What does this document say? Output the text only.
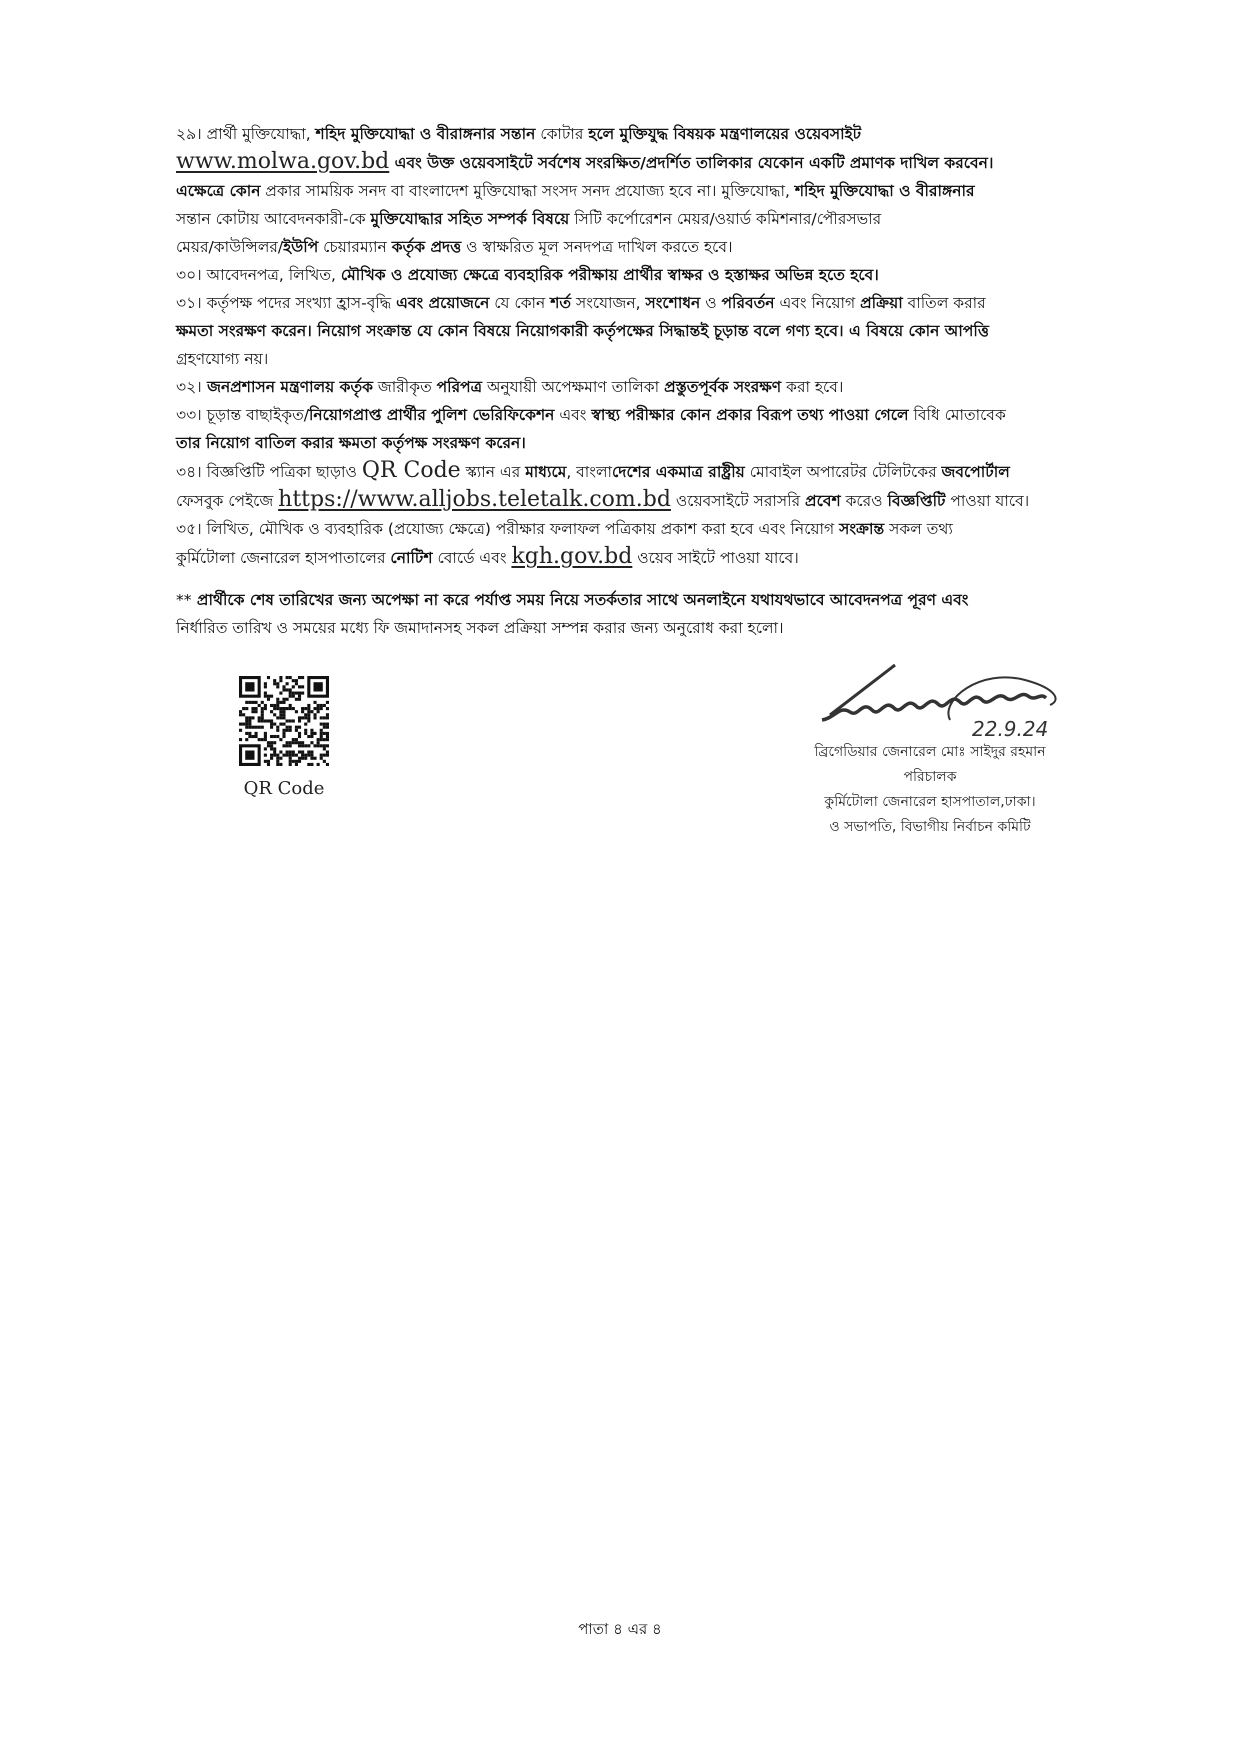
২৯। প্রার্থী মুক্তিযোদ্ধা, শহিদ মুক্তিযোদ্ধা ও বীরাঙ্গনার সন্তান কোটার হলে মুক্তিযুদ্ধ বিষয়ক মন্ত্রণালয়ের ওয়েবসাইট
www.molwa.gov.bd এবং উক্ত ওয়েবসাইটে সর্বশেষ সংরক্ষিত/প্রদর্শিত তালিকার যেকোন একটি প্রমাণক দাখিল করবেন।
এক্ষেত্রে কোন প্রকার সাময়িক সনদ বা বাংলাদেশ মুক্তিযোদ্ধা সংসদ সনদ প্রযোজ্য হবে না। মুক্তিযোদ্ধা, শহিদ মুক্তিযোদ্ধা ও বীরাঙ্গনার
সন্তান কোটায় আবেদনকারী-কে মুক্তিযোদ্ধার সহিত সম্পর্ক বিষয়ে সিটি কর্পোরেশন মেয়র/ওয়ার্ড কমিশনার/পৌরসভার
মেয়র/কাউন্সিলর/ইউপি চেয়ারম্যান কর্তৃক প্রদত্ত ও স্বাক্ষরিত মূল সনদপত্র দাখিল করতে হবে।

৩০। আবেদনপত্র, লিখিত, মৌখিক ও প্রযোজ্য ক্ষেত্রে ব্যবহারিক পরীক্ষায় প্রার্থীর স্বাক্ষর ও হস্তাক্ষর অভিন্ন হতে হবে।

৩১। কর্তৃপক্ষ পদের সংখ্যা হ্রাস-বৃদ্ধি এবং প্রয়োজনে যে কোন শর্ত সংযোজন, সংশোধন ও পরিবর্তন এবং নিয়োগ প্রক্রিয়া বাতিল করার
ক্ষমতা সংরক্ষণ করেন। নিয়োগ সংক্রান্ত যে কোন বিষয়ে নিয়োগকারী কর্তৃপক্ষের সিদ্ধান্তই চূড়ান্ত বলে গণ্য হবে। এ বিষয়ে কোন আপত্তি
গ্রহণযোগ্য নয়।

৩২। জনপ্রশাসন মন্ত্রণালয় কর্তৃক জারীকৃত পরিপত্র অনুযায়ী অপেক্ষমাণ তালিকা প্রস্তুতপূর্বক সংরক্ষণ করা হবে।

৩৩। চূড়ান্ত বাছাইকৃত/নিয়োগপ্রাপ্ত প্রার্থীর পুলিশ ভেরিফিকেশন এবং স্বাস্থ্য পরীক্ষার কোন প্রকার বিরূপ তথ্য পাওয়া গেলে বিধি মোতাবেক
তার নিয়োগ বাতিল করার ক্ষমতা কর্তৃপক্ষ সংরক্ষণ করেন।

৩৪। বিজ্ঞপ্তিটি পত্রিকা ছাড়াও QR Code স্ক্যান এর মাধ্যমে, বাংলাদেশের একমাত্র রাষ্ট্রীয় মোবাইল অপারেটর টেলিটকের জবপোর্টাল
ফেসবুক পেইজে https://www.alljobs.teletalk.com.bd ওয়েবসাইটে সরাসরি প্রবেশ করেও বিজ্ঞপ্তিটি পাওয়া যাবে।

৩৫। লিখিত, মৌখিক ও ব্যবহারিক (প্রযোজ্য ক্ষেত্রে) পরীক্ষার ফলাফল পত্রিকায় প্রকাশ করা হবে এবং নিয়োগ সংক্রান্ত সকল তথ্য
কুর্মিটোলা জেনারেল হাসপাতালের নোটিশ বোর্ডে এবং kgh.gov.bd ওয়েব সাইটে পাওয়া যাবে।

** প্রার্থীকে শেষ তারিখের জন্য অপেক্ষা না করে পর্যাপ্ত সময় নিয়ে সতর্কতার সাথে অনলাইনে যথাযথভাবে আবেদনপত্র পূরণ এবং
নির্ধারিত তারিখ ও সময়ের মধ্যে ফি জমাদানসহ সকল প্রক্রিয়া সম্পন্ন করার জন্য অনুরোধ করা হলো।

QR Code
22.9.24
ব্রিগেডিয়ার জেনারেল মোঃ সাইদুর রহমান
পরিচালক
কুর্মিটোলা জেনারেল হাসপাতাল,ঢাকা।
ও সভাপতি, বিভাগীয় নির্বাচন কমিটি
পাতা ৪ এর ৪
